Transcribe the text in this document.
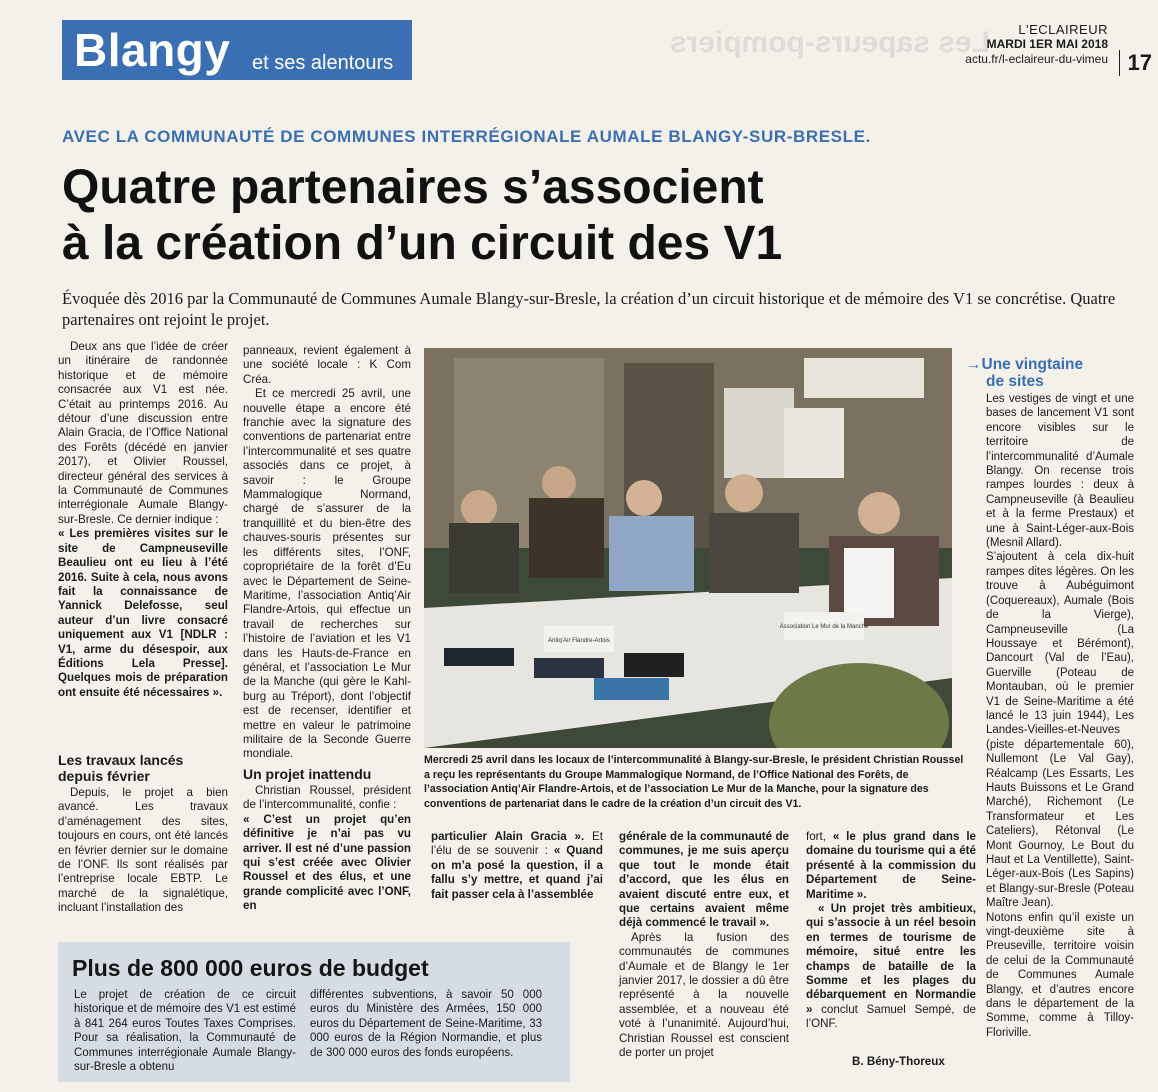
Blangy et ses alentours
Les sapeurs-pompiers	L'ECLAIREUR
MARDI 1ER MAI 2018
actu.fr/l-eclaireur-du-vimeu 17
AVEC LA COMMUNAUTÉ DE COMMUNES INTERRÉGIONALE AUMALE BLANGY-SUR-BRESLE.
Quatre partenaires s’associent
à la création d’un circuit des V1
Évoquée dès 2016 par la Communauté de Communes Aumale Blangy-sur-Bresle, la création d’un circuit historique et de mémoire des V1 se concrétise. Quatre partenaires ont rejoint le projet.

Deux ans que l’idée de créer un itinéraire de randonnée historique et de mémoire consacrée aux V1 est née. C’était au printemps 2016. Au détour d’une discussion entre Alain Gracia, de l’Office National des Forêts (décédé en janvier 2017), et Olivier Roussel, directeur général des services à la Communauté de Communes interrégionale Aumale Blangy-sur-Bresle. Ce dernier indique :

« Les premières visites sur le site de Campneuseville Beaulieu ont eu lieu à l’été 2016. Suite à cela, nous avons fait la connaissance de Yannick Delefosse, seul auteur d’un livre consacré uniquement aux V1 [NDLR : V1, arme du désespoir, aux Éditions Lela Presse]. Quelques mois de préparation ont ensuite été nécessaires ».

Les travaux lancés depuis février

Depuis, le projet a bien avancé. Les travaux d’aménagement des sites, toujours en cours, ont été lancés en février dernier sur le domaine de l’ONF. Ils sont réalisés par l’entreprise locale EBTP. Le marché de la signalétique, incluant l’installation des

panneaux, revient également à une société locale : K Com Créa.

Et ce mercredi 25 avril, une nouvelle étape a encore été franchie avec la signature des conventions de partenariat entre l’intercommunalité et ses quatre associés dans ce projet, à savoir : le Groupe Mammalogique Normand, chargé de s’assurer de la tranquillité et du bien-être des chauves-souris présentes sur les différents sites, l’ONF, copropriétaire de la forêt d’Eu avec le Département de Seine-Maritime, l’association Antiq’Air Flandre-Artois, qui effectue un travail de recherches sur l’histoire de l’aviation et les V1 dans les Hauts-de-France en général, et l’association Le Mur de la Manche (qui gère le Kahl-burg au Tréport), dont l’objectif est de recenser, identifier et mettre en valeur le patrimoine militaire de la Seconde Guerre mondiale.

Un projet inattendu

Christian Roussel, président de l’intercommunalité, confie :

« C’est un projet qu’en définitive je n’ai pas vu arriver. Il est né d’une passion qui s’est créée avec Olivier Roussel et des élus, et une grande complicité avec l’ONF, en

Antiq’Air Flandre-Artois
Association Le Mur de la Manche
Mercredi 25 avril dans les locaux de l’intercommunalité à Blangy-sur-Bresle, le président Christian Roussel a reçu les représentants du Groupe Mammalogique Normand, de l’Office National des Forêts, de l’association Antiq’Air Flandre-Artois, et de l’association Le Mur de la Manche, pour la signature des conventions de partenariat dans le cadre de la création d’un circuit des V1.

particulier Alain Gracia ». Et l’élu de se souvenir : « Quand on m’a posé la question, il a fallu s’y mettre, et quand j’ai fait passer cela à l’assemblée

générale de la communauté de communes, je me suis aperçu que tout le monde était d’accord, que les élus en avaient discuté entre eux, et que certains avaient même déjà commencé le travail ».

Après la fusion des communautés de communes d’Aumale et de Blangy le 1er janvier 2017, le dossier a dû être représenté à la nouvelle assemblée, et a nouveau été voté à l’unanimité. Aujourd’hui, Christian Roussel est conscient de porter un projet

fort, « le plus grand dans le domaine du tourisme qui a été présenté à la commission du Département de Seine-Maritime ».

« Un projet très ambitieux, qui s’associe à un réel besoin en termes de tourisme de mémoire, situé entre les champs de bataille de la Somme et les plages du débarquement en Normandie » conclut Samuel Sempé, de l’ONF.

B. Bény-Thoreux
→Une vingtaine
de sites

Les vestiges de vingt et une bases de lancement V1 sont encore visibles sur le territoire de l’intercommunalité d’Aumale Blangy. On recense trois rampes lourdes : deux à Campneuseville (à Beaulieu et à la ferme Prestaux) et une à Saint-Léger-aux-Bois (Mesnil Allard).

S’ajoutent à cela dix-huit rampes dites légères. On les trouve à Aubéguimont (Coquereaux), Aumale (Bois de la Vierge), Campneuseville (La Houssaye et Bérémont), Dancourt (Val de l’Eau), Guerville (Poteau de Montauban, où le premier V1 de Seine-Maritime a été lancé le 13 juin 1944), Les Landes-Vieilles-et-Neuves (piste départementale 60), Nullemont (Le Val Gay), Réalcamp (Les Essarts, Les Hauts Buissons et Le Grand Marché), Richemont (Le Transformateur et Les Cateliers), Rétonval (Le Mont Gournoy, Le Bout du Haut et La Ventillette), Saint-Léger-aux-Bois (Les Sapins) et Blangy-sur-Bresle (Poteau Maître Jean).

Notons enfin qu’il existe un vingt-deuxième site à Preuseville, territoire voisin de celui de la Communauté de Communes Aumale Blangy, et d’autres encore dans le département de la Somme, comme à Tilloy-Floriville.

Plus de 800 000 euros de budget

Le projet de création de ce circuit historique et de mémoire des V1 est estimé à 841 264 euros Toutes Taxes Comprises. Pour sa réalisation, la Communauté de Communes interrégionale Aumale Blangy-sur-Bresle a obtenu

différentes subventions, à savoir 50 000 euros du Ministère des Armées, 150 000 euros du Département de Seine-Maritime, 33 000 euros de la Région Normandie, et plus de 300 000 euros des fonds européens.
